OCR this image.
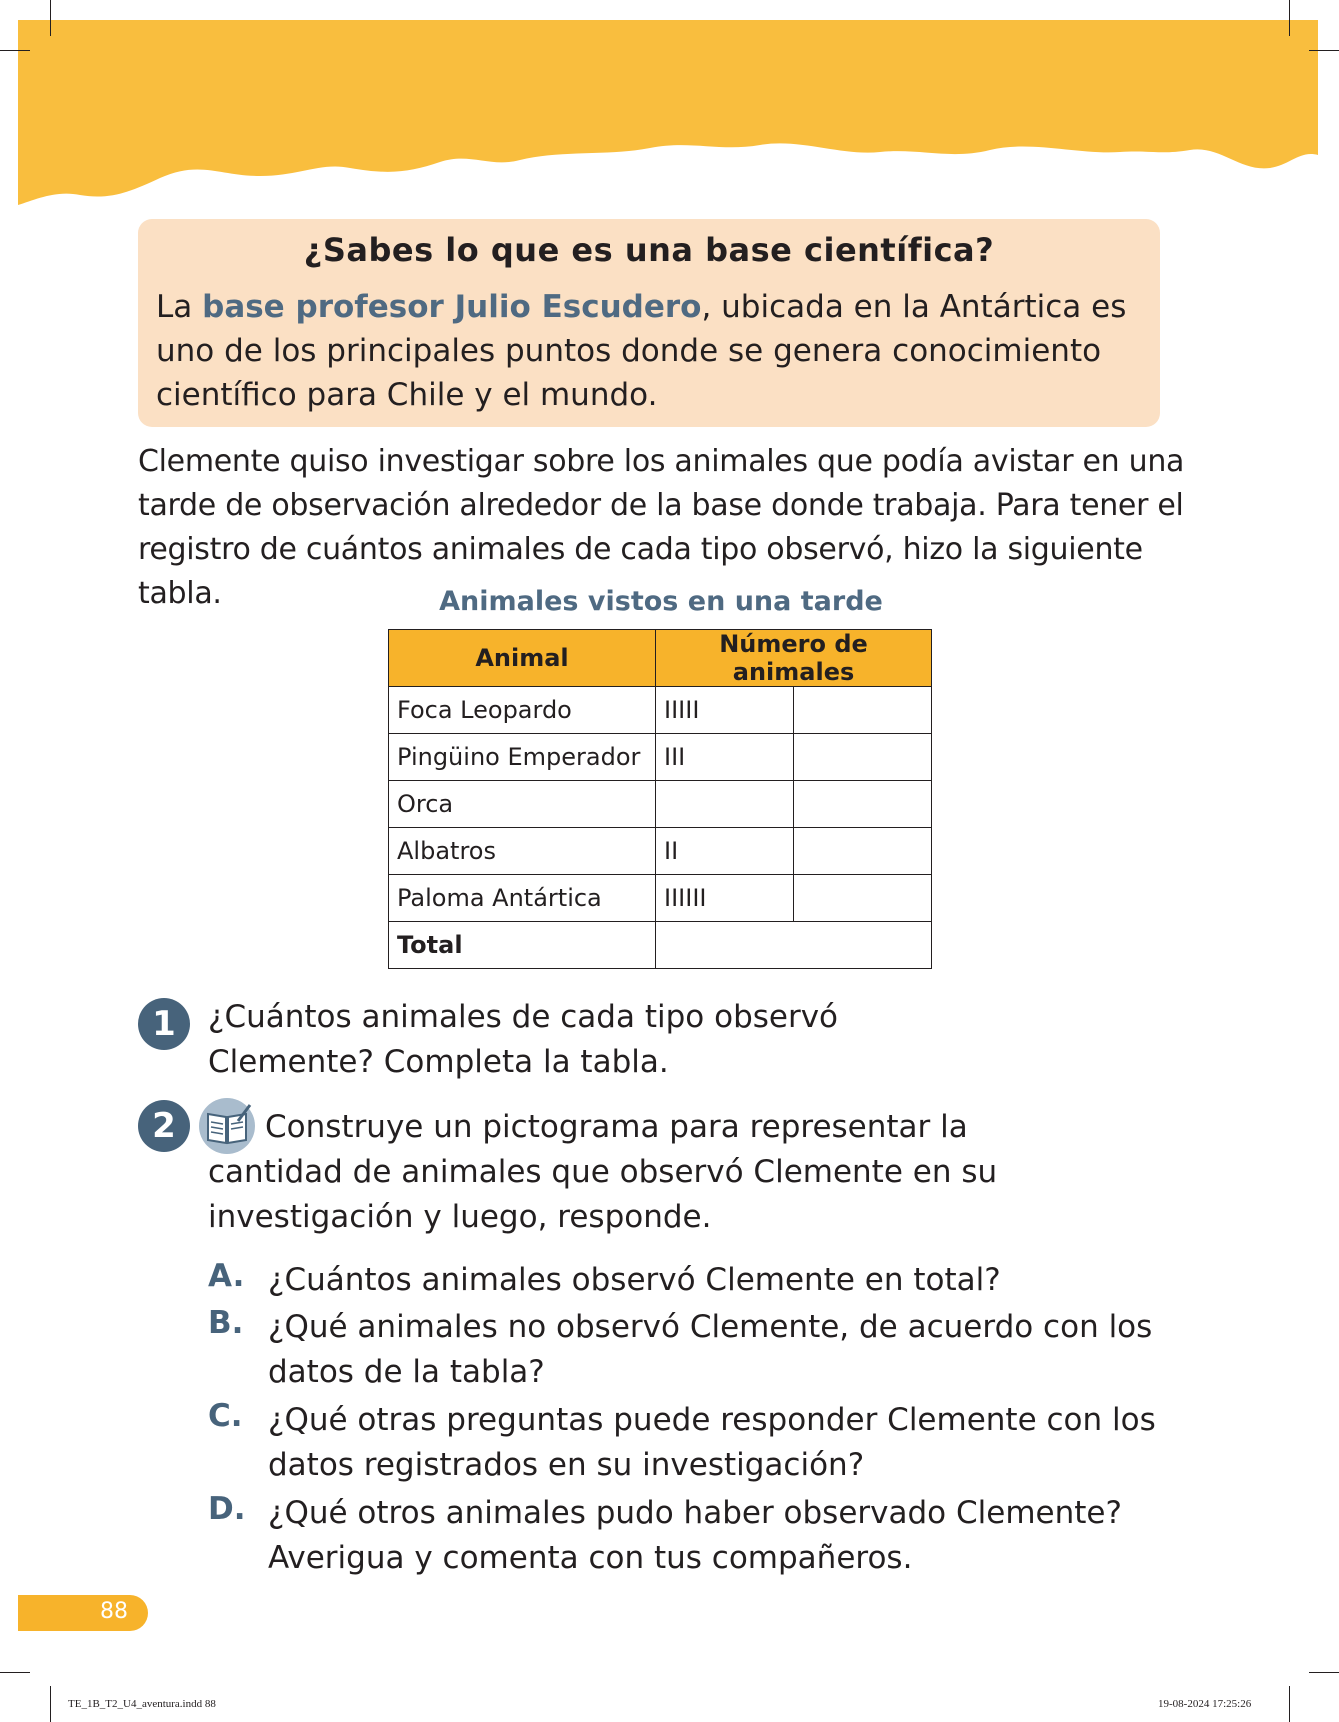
¿Sabes lo que es una base científica?
La base profesor Julio Escudero, ubicada en la Antártica es uno de los principales puntos donde se genera conocimiento científico para Chile y el mundo.
Clemente quiso investigar sobre los animales que podía avistar en una tarde de observación alrededor de la base donde trabaja. Para tener el registro de cuántos animales de cada tipo observó, hizo la siguiente tabla.	Animales vistos en una tarde
Animal	Número de animales	
Foca Leopardo	IIIII	
Pingüino Emperador	III	
Orca		
Albatros	II	
Paloma Antártica	IIIIII	
Total		
1	¿Cuántos animales de cada tipo observó Clemente? Completa la tabla.
2	Construye un pictograma para representar la cantidad de animales que observó Clemente en su investigación y luego, responde.
A. ¿Cuántos animales observó Clemente en total?
B. ¿Qué animales no observó Clemente, de acuerdo con los datos de la tabla?
C. ¿Qué otras preguntas puede responder Clemente con los datos registrados en su investigación?
D. ¿Qué otros animales pudo haber observado Clemente? Averigua y comenta con tus compañeros.
88
TE_1B_T2_U4_aventura.indd 88	19-08-2024 17:25:26
